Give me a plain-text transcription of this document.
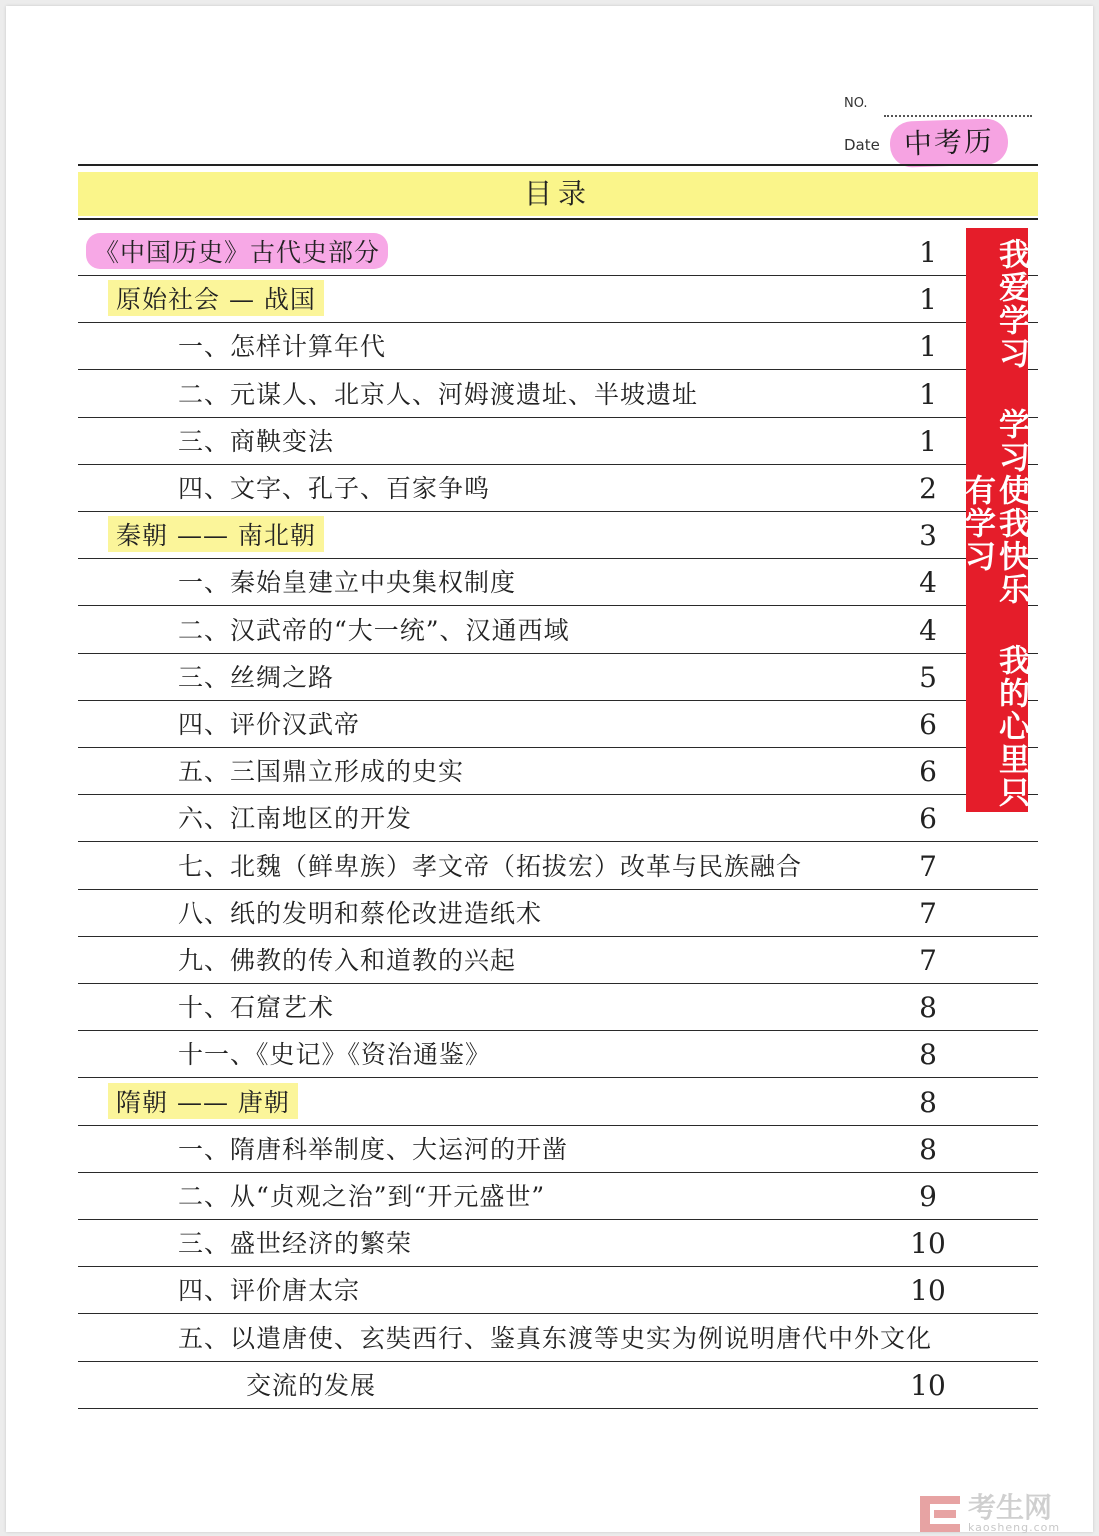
NO.
Date 中考历史
目录
《中国历史》古代史部分	1
原始社会 — 战国	1
一、怎样计算年代	1
二、元谋人、北京人、河姆渡遗址、半坡遗址	1
三、商鞅变法	1
四、文字、孔子、百家争鸣	2
秦朝 —— 南北朝	3
一、秦始皇建立中央集权制度	4
二、汉武帝的“大一统”、汉通西域	4
三、丝绸之路	5
四、评价汉武帝	6
五、三国鼎立形成的史实	6
六、江南地区的开发	6
七、北魏（鲜卑族）孝文帝（拓拔宏）改革与民族融合	7
八、纸的发明和蔡伦改进造纸术	7
九、佛教的传入和道教的兴起	7
十、石窟艺术	8
十一、《史记》《资治通鉴》	8
隋朝 —— 唐朝	8
一、隋唐科举制度、大运河的开凿	8
二、从“贞观之治”到“开元盛世”	9
三、盛世经济的繁荣	10
四、评价唐太宗	10
五、以遣唐使、玄奘西行、鉴真东渡等史实为例说明唐代中外文化
交流的发展	10
我爱学习 学习使我快乐 我的心里只有学习
考生网
kaosheng.com
